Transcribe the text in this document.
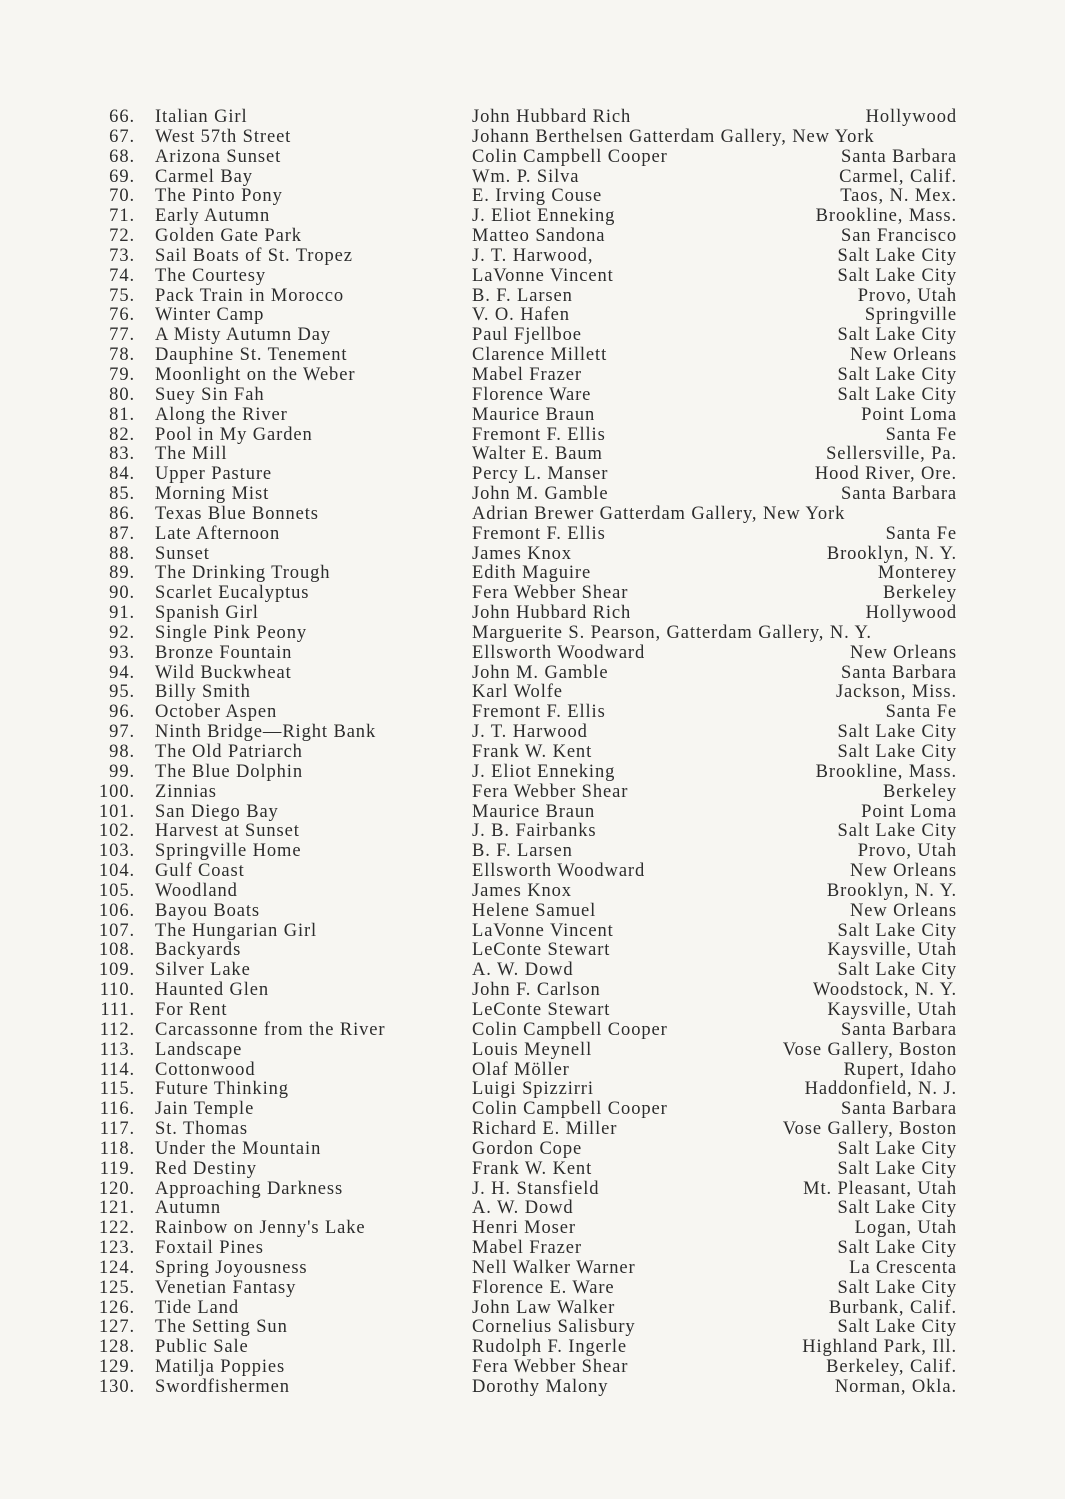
66. Italian Girl	John Hubbard Rich	Hollywood
67. West 57th Street	Johann Berthelsen Gatterdam Gallery, New York
68. Arizona Sunset	Colin Campbell Cooper	Santa Barbara
69. Carmel Bay	Wm. P. Silva	Carmel, Calif.
70. The Pinto Pony	E. Irving Couse	Taos, N. Mex.
71. Early Autumn	J. Eliot Enneking	Brookline, Mass.
72. Golden Gate Park	Matteo Sandona	San Francisco
73. Sail Boats of St. Tropez	J. T. Harwood,	Salt Lake City
74. The Courtesy	LaVonne Vincent	Salt Lake City
75. Pack Train in Morocco	B. F. Larsen	Provo, Utah
76. Winter Camp	V. O. Hafen	Springville
77. A Misty Autumn Day	Paul Fjellboe	Salt Lake City
78. Dauphine St. Tenement	Clarence Millett	New Orleans
79. Moonlight on the Weber	Mabel Frazer	Salt Lake City
80. Suey Sin Fah	Florence Ware	Salt Lake City
81. Along the River	Maurice Braun	Point Loma
82. Pool in My Garden	Fremont F. Ellis	Santa Fe
83. The Mill	Walter E. Baum	Sellersville, Pa.
84. Upper Pasture	Percy L. Manser	Hood River, Ore.
85. Morning Mist	John M. Gamble	Santa Barbara
86. Texas Blue Bonnets	Adrian Brewer Gatterdam Gallery, New York
87. Late Afternoon	Fremont F. Ellis	Santa Fe
88. Sunset	James Knox	Brooklyn, N. Y.
89. The Drinking Trough	Edith Maguire	Monterey
90. Scarlet Eucalyptus	Fera Webber Shear	Berkeley
91. Spanish Girl	John Hubbard Rich	Hollywood
92. Single Pink Peony	Marguerite S. Pearson, Gatterdam Gallery, N. Y.
93. Bronze Fountain	Ellsworth Woodward	New Orleans
94. Wild Buckwheat	John M. Gamble	Santa Barbara
95. Billy Smith	Karl Wolfe	Jackson, Miss.
96. October Aspen	Fremont F. Ellis	Santa Fe
97. Ninth Bridge—Right Bank	J. T. Harwood	Salt Lake City
98. The Old Patriarch	Frank W. Kent	Salt Lake City
99. The Blue Dolphin	J. Eliot Enneking	Brookline, Mass.
100. Zinnias	Fera Webber Shear	Berkeley
101. San Diego Bay	Maurice Braun	Point Loma
102. Harvest at Sunset	J. B. Fairbanks	Salt Lake City
103. Springville Home	B. F. Larsen	Provo, Utah
104. Gulf Coast	Ellsworth Woodward	New Orleans
105. Woodland	James Knox	Brooklyn, N. Y.
106. Bayou Boats	Helene Samuel	New Orleans
107. The Hungarian Girl	LaVonne Vincent	Salt Lake City
108. Backyards	LeConte Stewart	Kaysville, Utah
109. Silver Lake	A. W. Dowd	Salt Lake City
110. Haunted Glen	John F. Carlson	Woodstock, N. Y.
111. For Rent	LeConte Stewart	Kaysville, Utah
112. Carcassonne from the River	Colin Campbell Cooper	Santa Barbara
113. Landscape	Louis Meynell	Vose Gallery, Boston
114. Cottonwood	Olaf Möller	Rupert, Idaho
115. Future Thinking	Luigi Spizzirri	Haddonfield, N. J.
116. Jain Temple	Colin Campbell Cooper	Santa Barbara
117. St. Thomas	Richard E. Miller	Vose Gallery, Boston
118. Under the Mountain	Gordon Cope	Salt Lake City
119. Red Destiny	Frank W. Kent	Salt Lake City
120. Approaching Darkness	J. H. Stansfield	Mt. Pleasant, Utah
121. Autumn	A. W. Dowd	Salt Lake City
122. Rainbow on Jenny's Lake	Henri Moser	Logan, Utah
123. Foxtail Pines	Mabel Frazer	Salt Lake City
124. Spring Joyousness	Nell Walker Warner	La Crescenta
125. Venetian Fantasy	Florence E. Ware	Salt Lake City
126. Tide Land	John Law Walker	Burbank, Calif.
127. The Setting Sun	Cornelius Salisbury	Salt Lake City
128. Public Sale	Rudolph F. Ingerle	Highland Park, Ill.
129. Matilja Poppies	Fera Webber Shear	Berkeley, Calif.
130. Swordfishermen	Dorothy Malony	Norman, Okla.
